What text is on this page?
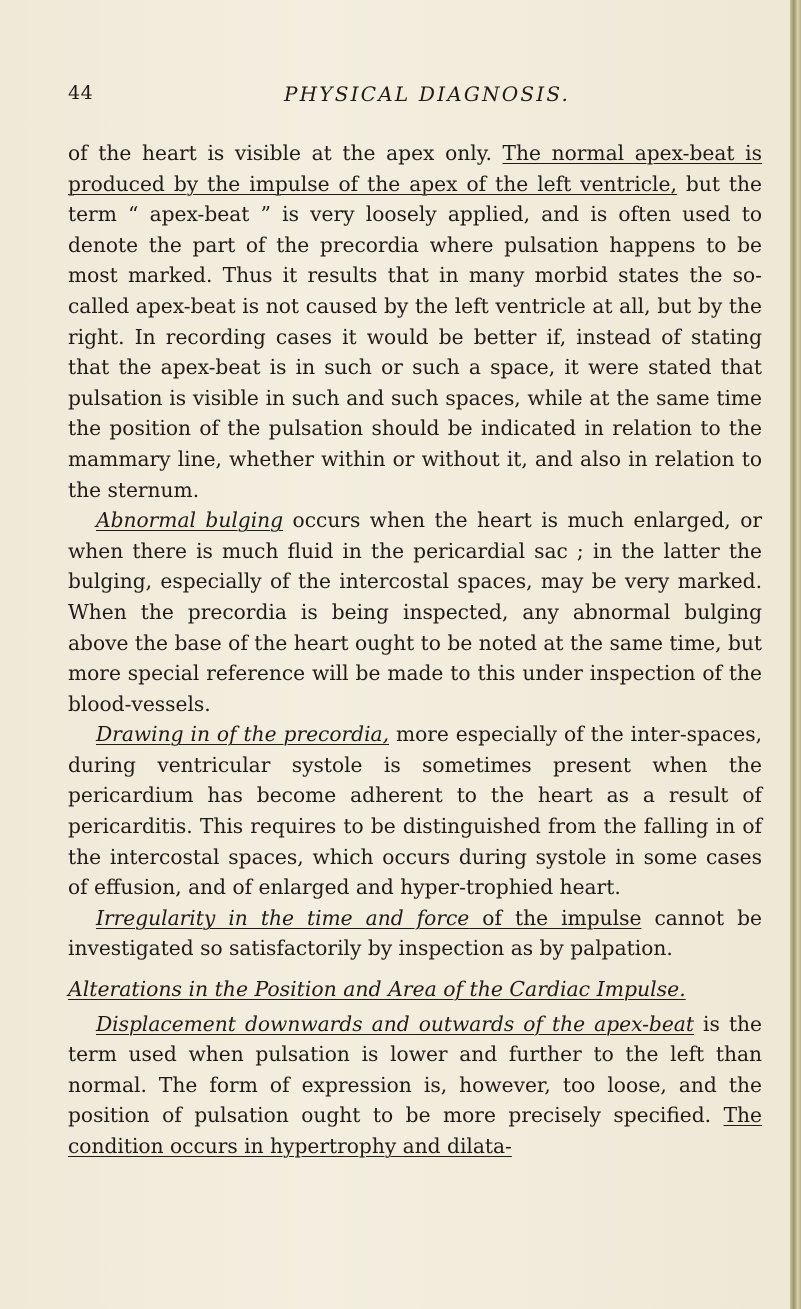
44	PHYSICAL DIAGNOSIS.

of the heart is visible at the apex only. The normal apex-beat is produced by the impulse of the apex of the left ventricle, but the term “ apex-beat ” is very loosely applied, and is often used to denote the part of the precordia where pulsation happens to be most marked. Thus it results that in many morbid states the so-called apex-beat is not caused by the left ventricle at all, but by the right. In recording cases it would be better if, instead of stating that the apex-beat is in such or such a space, it were stated that pulsation is visible in such and such spaces, while at the same time the position of the pulsation should be indicated in relation to the mammary line, whether within or without it, and also in relation to the sternum.

Abnormal bulging occurs when the heart is much enlarged, or when there is much fluid in the pericardial sac ; in the latter the bulging, especially of the intercostal spaces, may be very marked. When the precordia is being inspected, any abnormal bulging above the base of the heart ought to be noted at the same time, but more special reference will be made to this under inspection of the blood-vessels.

Drawing in of the precordia, more especially of the inter-spaces, during ventricular systole is sometimes present when the pericardium has become adherent to the heart as a result of pericarditis. This requires to be distinguished from the falling in of the intercostal spaces, which occurs during systole in some cases of effusion, and of enlarged and hyper-trophied heart.

Irregularity in the time and force of the impulse cannot be investigated so satisfactorily by inspection as by palpation.

Alterations in the Position and Area of the Cardiac Impulse.

Displacement downwards and outwards of the apex-beat is the term used when pulsation is lower and further to the left than normal. The form of expression is, however, too loose, and the position of pulsation ought to be more precisely specified. The condition occurs in hypertrophy and dilata-
